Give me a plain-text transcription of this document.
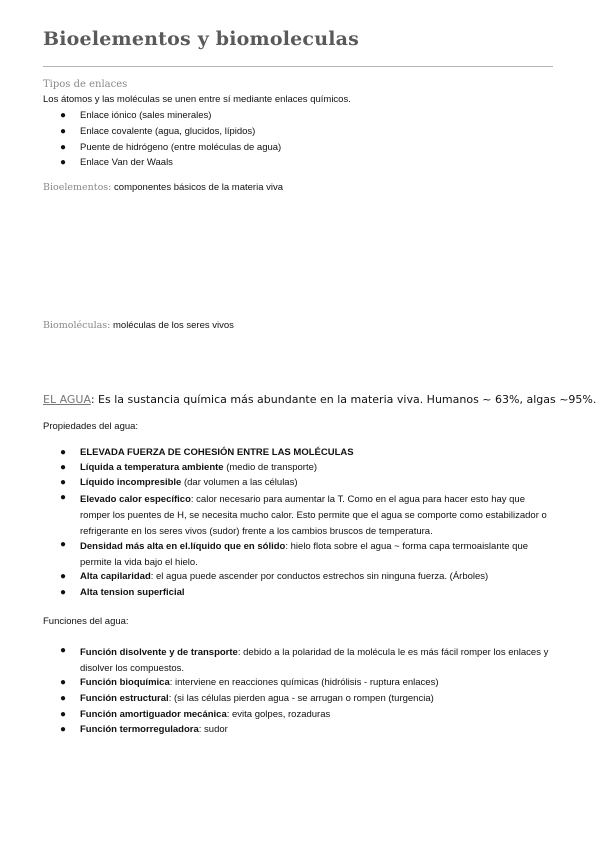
Bioelementos y biomoleculas

Tipos de enlaces

Los átomos y las moléculas se unen entre sí mediante enlaces químicos.

● Enlace iónico (sales minerales)
● Enlace covalente (agua, glucidos, lípidos)
● Puente de hidrógeno (entre moléculas de agua)
● Enlace Van der Waals

Bioelementos: componentes básicos de la materia viva

Biomoléculas: moléculas de los seres vivos

EL AGUA: Es la sustancia química más abundante en la materia viva. Humanos ~ 63%, algas ~95%.

Propiedades del agua:

● ELEVADA FUERZA DE COHESIÓN ENTRE LAS MOLÉCULAS
● Líquida a temperatura ambiente (medio de transporte)
● Líquido incompresible (dar volumen a las células)
● Elevado calor específico: calor necesario para aumentar la T. Como en el agua para hacer esto hay que romper los puentes de H, se necesita mucho calor. Esto permite que el agua se comporte como estabilizador o refrigerante en los seres vivos (sudor) frente a los cambios bruscos de temperatura.
● Densidad más alta en el.líquido que en sólido: hielo flota sobre el agua ~ forma capa termoaislante que permite la vida bajo el hielo.
● Alta capilaridad: el agua puede ascender por conductos estrechos sin ninguna fuerza. (Árboles)
● Alta tension superficial

Funciones del agua:

● Función disolvente y de transporte: debido a la polaridad de la molécula le es más fácil romper los enlaces y disolver los compuestos.
● Función bioquímica: interviene en reacciones químicas (hidrólisis - ruptura enlaces)
● Función estructural: (si las células pierden agua - se arrugan o rompen (turgencia)
● Función amortiguador mecánica: evita golpes, rozaduras
● Función termorreguladora: sudor
